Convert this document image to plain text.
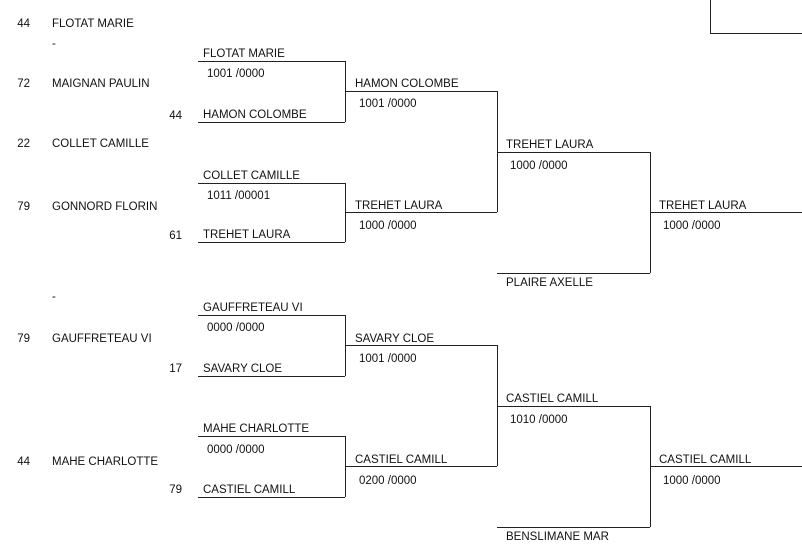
44 FLOTAT MARIE
-
72 MAIGNAN PAULIN
44
22 COLLET CAMILLE
79 GONNORD FLORIN
61
-
79 GAUFFRETEAU VI
17
44 MAHE CHARLOTTE
79
FLOTAT MARIE
1001 /0000
HAMON COLOMBE
COLLET CAMILLE
1011 /00001
TREHET LAURA
GAUFFRETEAU VI
0000 /0000
SAVARY CLOE
MAHE CHARLOTTE
0000 /0000
CASTIEL CAMILL
HAMON COLOMBE
1001 /0000
TREHET LAURA
1000 /0000
SAVARY CLOE
1001 /0000
CASTIEL CAMILL
0200 /0000
TREHET LAURA
1000 /0000
PLAIRE AXELLE
CASTIEL CAMILL
1010 /0000
BENSLIMANE MAR
TREHET LAURA
1000 /0000
CASTIEL CAMILL
1000 /0000
